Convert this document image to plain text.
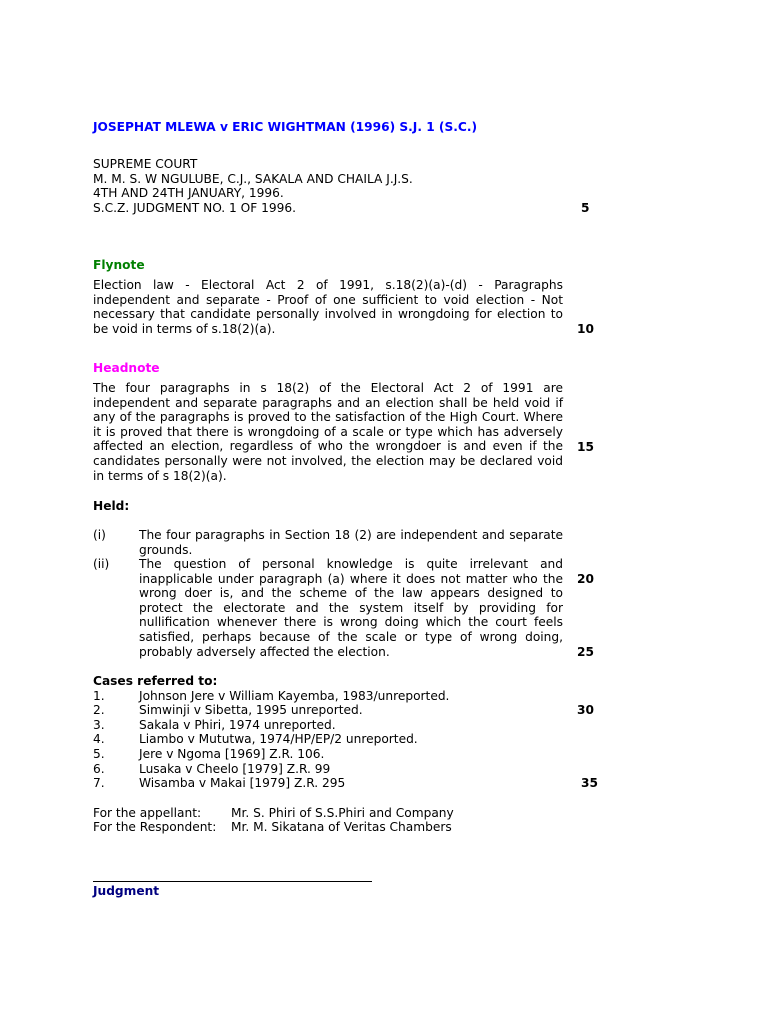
JOSEPHAT MLEWA v ERIC WIGHTMAN (1996) S.J. 1 (S.C.)
SUPREME COURT
M. M. S. W NGULUBE, C.J., SAKALA AND CHAILA J.J.S.
4TH AND 24TH JANUARY, 1996.
S.C.Z. JUDGMENT NO. 1 OF 1996.	5
Flynote
Election law - Electoral Act 2 of 1991, s.18(2)(a)-(d) - Paragraphs independent and separate - Proof of one sufficient to void election - Not necessary that candidate personally involved in wrongdoing for election to be void in terms of s.18(2)(a).	10
Headnote
The four paragraphs in s 18(2) of the Electoral Act 2 of 1991 are independent and separate paragraphs and an election shall be held void if any of the paragraphs is proved to the satisfaction of the High Court. Where it is proved that there is wrongdoing of a scale or type which has adversely affected an election, regardless of who the wrongdoer is and even if the candidates personally were not involved, the election may be declared void in terms of s 18(2)(a).
15
Held:
(i)	The four paragraphs in Section 18 (2) are independent and separate grounds.
(ii) The question of personal knowledge is quite irrelevant and inapplicable under paragraph (a) where it does not matter who the wrong doer is, and the scheme of the law appears designed to protect the electorate and the system itself by providing for nullification whenever there is wrong doing which the court feels satisfied, perhaps because of the scale or type of wrong doing, probably adversely affected the election.
20
25
Cases referred to:
1.	Johnson Jere v William Kayemba, 1983/unreported.
2.	Simwinji v Sibetta, 1995 unreported.
3.	Sakala v Phiri, 1974 unreported.
4.	Liambo v Mututwa, 1974/HP/EP/2 unreported.
5.	Jere v Ngoma [1969] Z.R. 106.
6.	Lusaka v Cheelo [1979] Z.R. 99
7.	Wisamba v Makai [1979] Z.R. 295
30
35
For the appellant: Mr. S. Phiri of S.S.Phiri and Company
For the Respondent: Mr. M. Sikatana of Veritas Chambers
Judgment
